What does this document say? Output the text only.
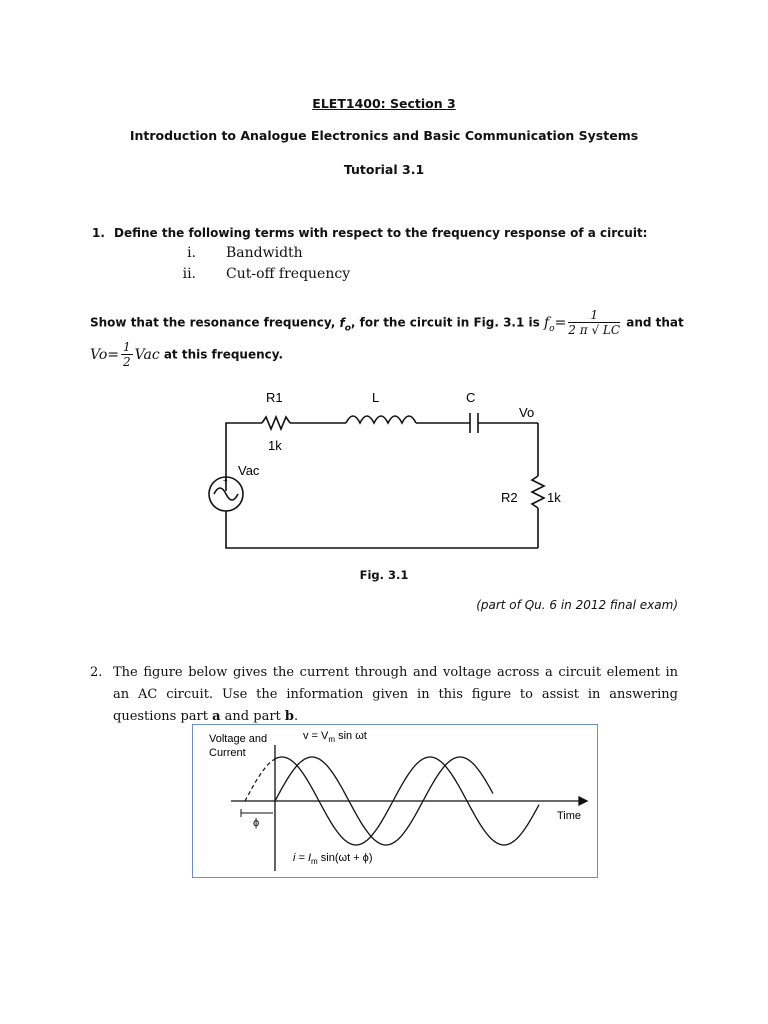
ELET1400: Section 3
Introduction to Analogue Electronics and Basic Communication Systems
Tutorial 3.1
1. Define the following terms with respect to the frequency response of a circuit:
i. Bandwidth
ii. Cut-off frequency
Show that the resonance frequency, $f_o$, for the circuit in Fig. 3.1 is $f_o= \frac{1}{2 \pi √ LC}$ and that
$Vo= \frac{1}{2}$ Vac at this frequency.
R1
1k
L	C
Vo
Vac
+
R2 1k
Fig. 3.1
(part of Qu. 6 in 2012 final exam)
2. The figure below gives the current through and voltage across a circuit element in an AC circuit. Use the information given in this figure to assist in answering questions part a and part b.
ϕ
Voltage and
Current
$v = V_m$ sin ωt
$i = I_m$ sin(ωt + ϕ)
Time
